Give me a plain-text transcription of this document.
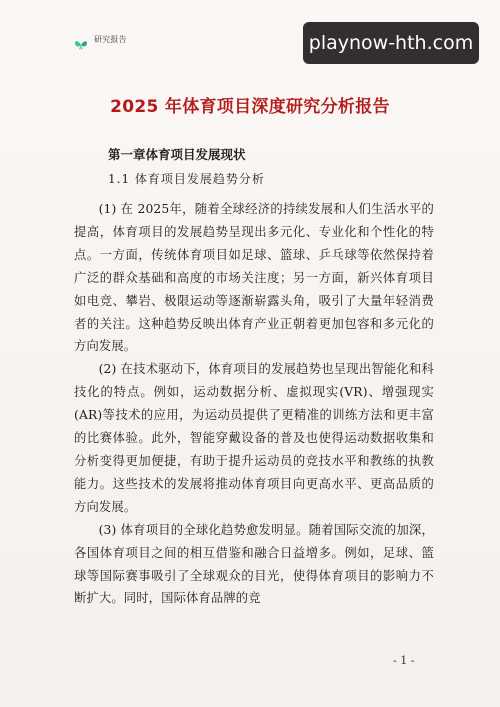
研究报告	playnow-hth.com
2025 年体育项目深度研究分析报告
第一章体育项目发展现状
1.1 体育项目发展趋势分析

(1) 在 2025年，随着全球经济的持续发展和人们生活水平的提高，体育项目的发展趋势呈现出多元化、专业化和个性化的特点。一方面，传统体育项目如足球、篮球、乒乓球等依然保持着广泛的群众基础和高度的市场关注度；另一方面，新兴体育项目如电竞、攀岩、极限运动等逐渐崭露头角，吸引了大量年轻消费者的关注。这种趋势反映出体育产业正朝着更加包容和多元化的方向发展。

(2) 在技术驱动下，体育项目的发展趋势也呈现出智能化和科技化的特点。例如，运动数据分析、虚拟现实(VR)、增强现实(AR)等技术的应用，为运动员提供了更精准的训练方法和更丰富的比赛体验。此外，智能穿戴设备的普及也使得运动数据收集和分析变得更加便捷，有助于提升运动员的竞技水平和教练的执教能力。这些技术的发展将推动体育项目向更高水平、更高品质的方向发展。

(3) 体育项目的全球化趋势愈发明显。随着国际交流的加深，各国体育项目之间的相互借鉴和融合日益增多。例如，足球、篮球等国际赛事吸引了全球观众的目光，使得体育项目的影响力不断扩大。同时，国际体育品牌的竞

- 1 -
